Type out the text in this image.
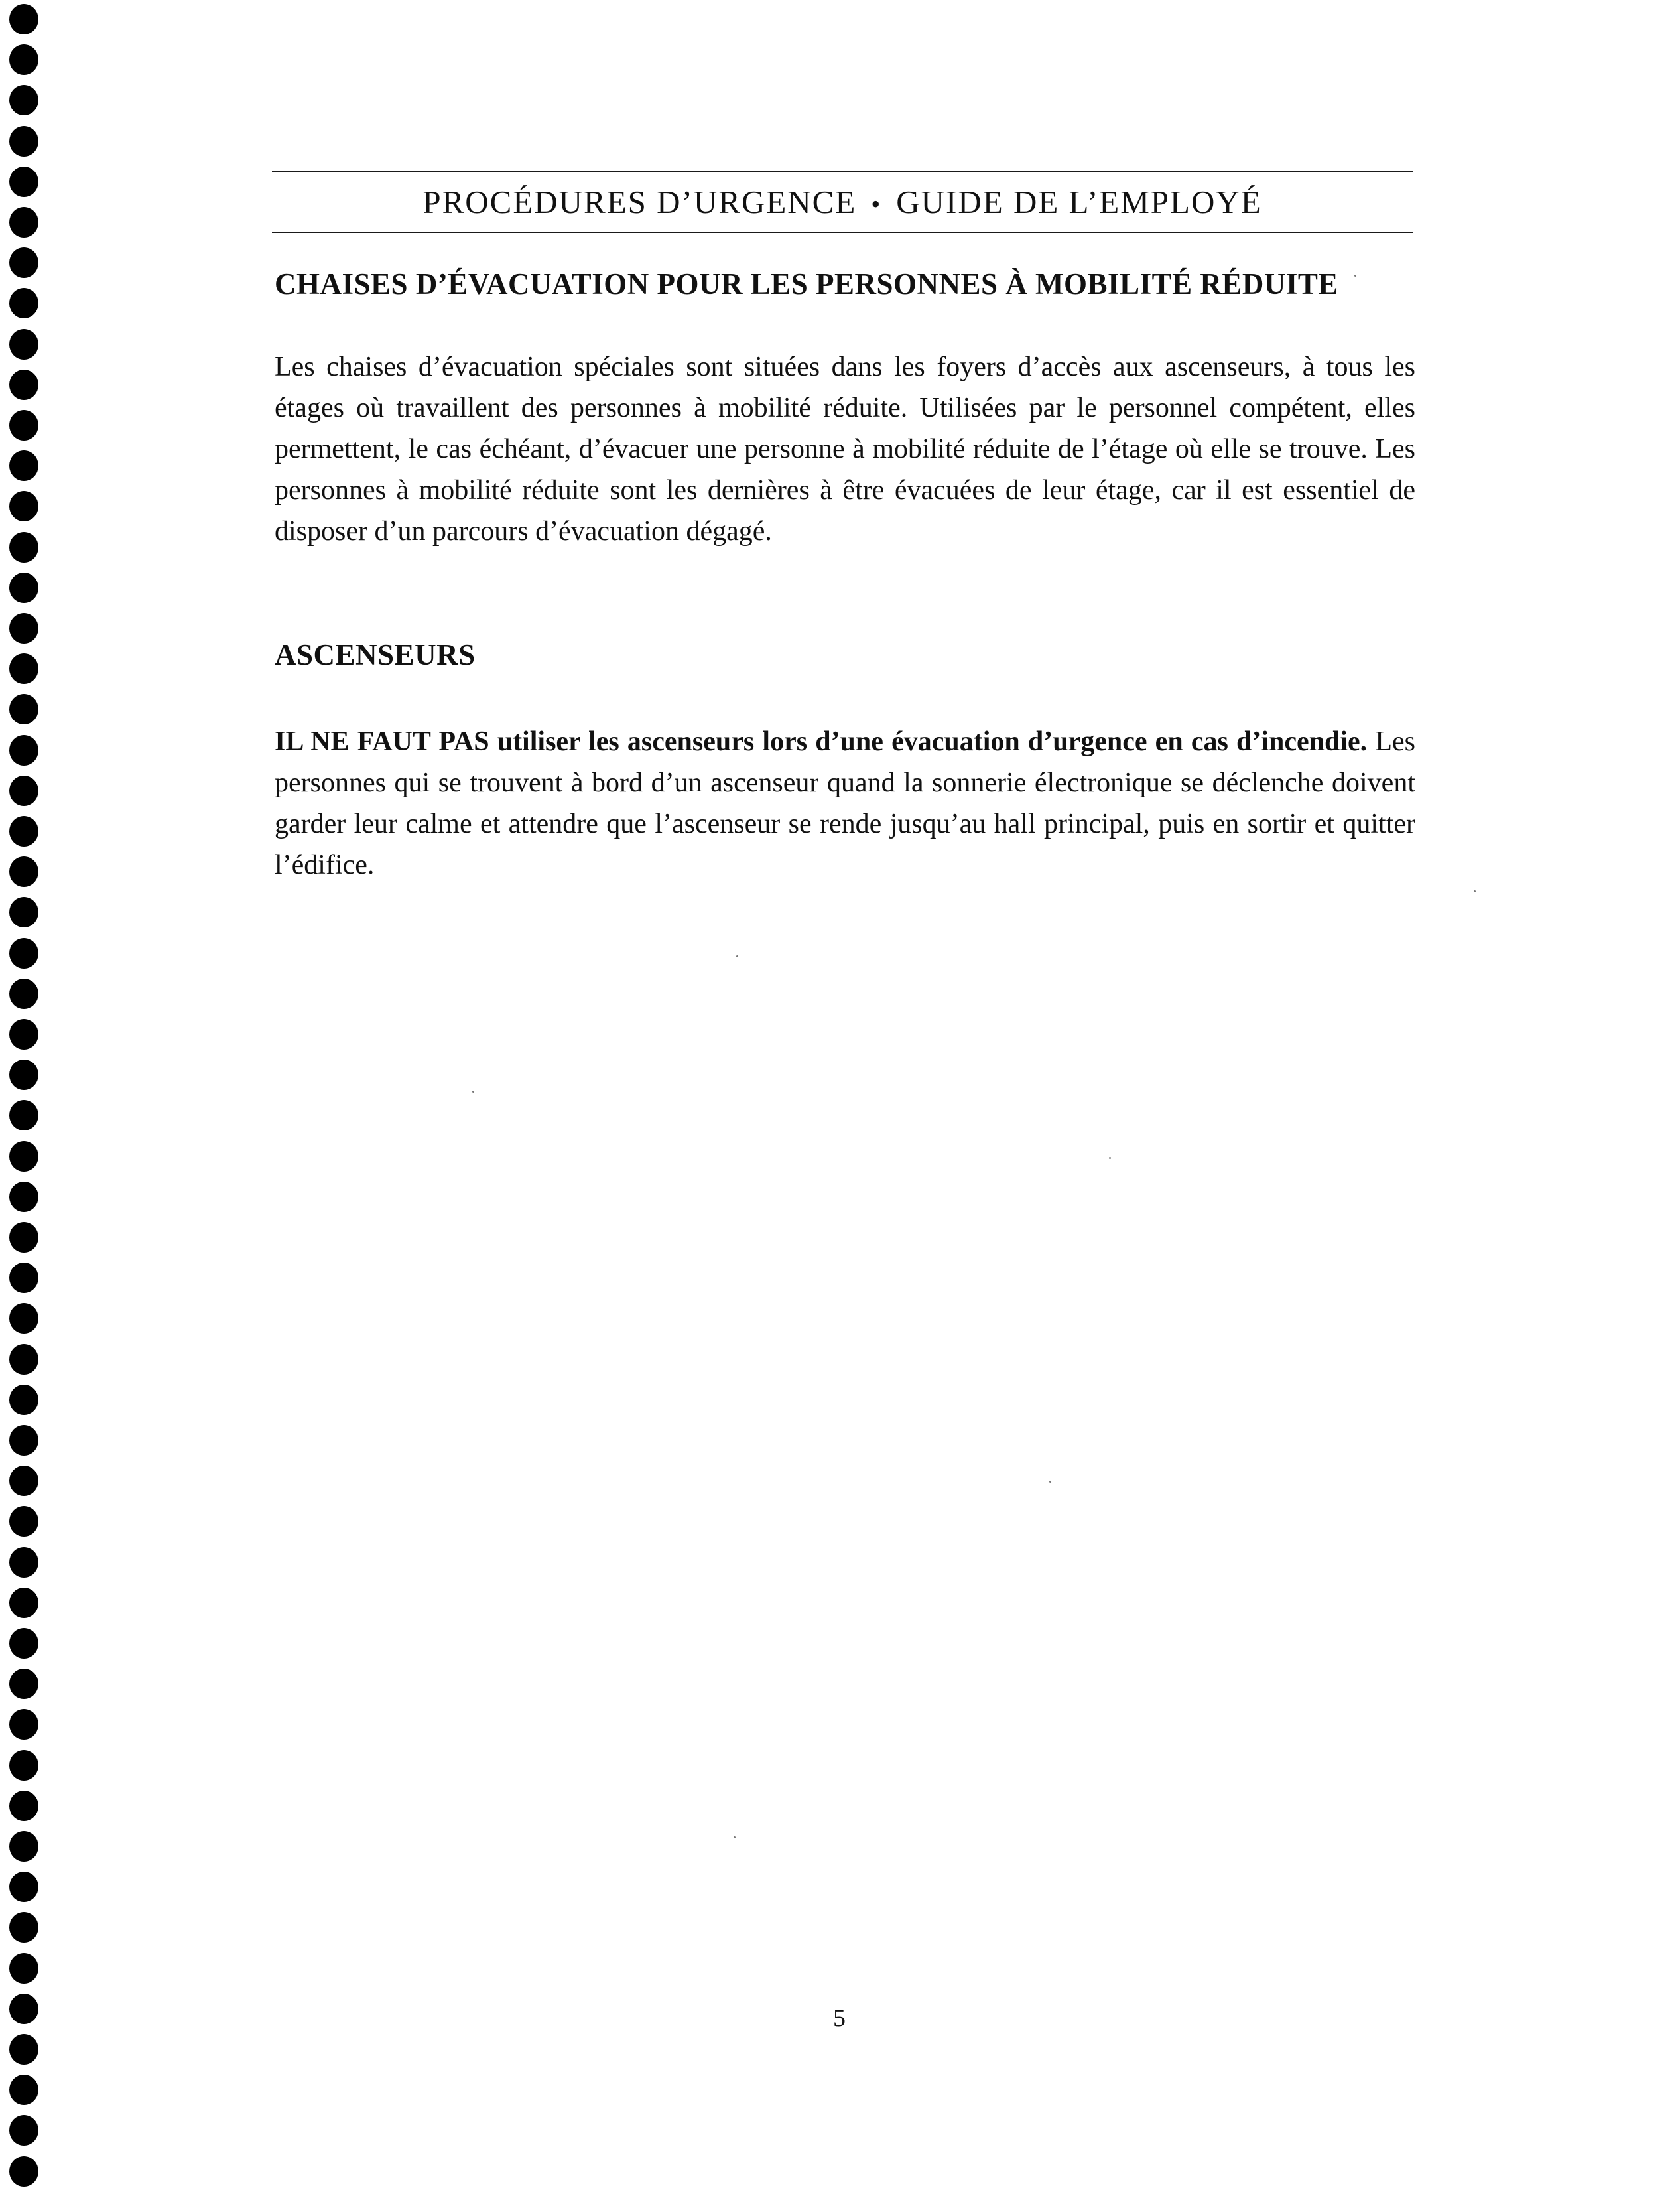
PROCÉDURES D’URGENCE • GUIDE DE L’EMPLOYÉ
CHAISES D’ÉVACUATION POUR LES PERSONNES À MOBILITÉ RÉDUITE

Les chaises d’évacuation spéciales sont situées dans les foyers d’accès aux ascenseurs, à tous les étages où travaillent des personnes à mobilité réduite. Utilisées par le personnel compétent, elles permettent, le cas échéant, d’évacuer une personne à mobilité réduite de l’étage où elle se trouve. Les personnes à mobilité réduite sont les dernières à être évacuées de leur étage, car il est essentiel de disposer d’un parcours d’évacuation dégagé.

ASCENSEURS

IL NE FAUT PAS utiliser les ascenseurs lors d’une évacuation d’urgence en cas d’incendie. Les personnes qui se trouvent à bord d’un ascenseur quand la sonnerie électronique se déclenche doivent garder leur calme et attendre que l’ascenseur se rende jusqu’au hall principal, puis en sortir et quitter l’édifice.

5
